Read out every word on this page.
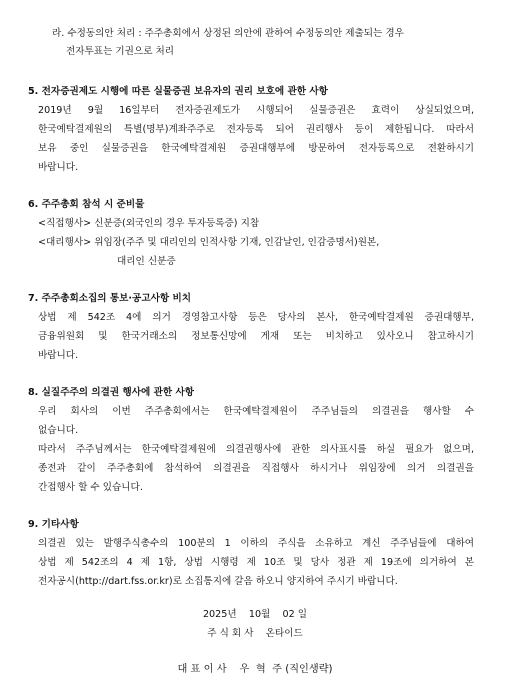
라. 수정동의안 처리 : 주주총회에서 상정된 의안에 관하여 수정동의안 제출되는 경우
전자투표는 기권으로 처리
5. 전자증권제도 시행에 따른 실물증권 보유자의 권리 보호에 관한 사항
2019년 9월 16일부터 전자증권제도가 시행되어 실물증권은 효력이 상실되었으며,
한국예탁결제원의 특별(명부)계좌주주로 전자등록 되어 권리행사 등이 제한됩니다. 따라서
보유 중인 실물증권을 한국예탁결제원 증권대행부에 방문하여 전자등록으로 전환하시기
바랍니다.
6. 주주총회 참석 시 준비물
<직접행사> 신분증(외국인의 경우 투자등록증) 지참
<대리행사> 위임장(주주 및 대리인의 인적사항 기재, 인감날인, 인감증명서)원본,
대리인 신분증
7. 주주총회소집의 통보·공고사항 비치
상법 제 542조 4에 의거 경영참고사항 등은 당사의 본사, 한국예탁결제원 증권대행부,
금융위원회 및 한국거래소의 정보통신망에 게재 또는 비치하고 있사오니 참고하시기
바랍니다.
8. 실질주주의 의결권 행사에 관한 사항
우리 회사의 이번 주주총회에서는 한국예탁결제원이 주주님들의 의결권을 행사할 수
없습니다.
따라서 주주님께서는 한국예탁결제원에 의결권행사에 관한 의사표시를 하실 필요가 없으며,
종전과 같이 주주총회에 참석하여 의결권을 직접행사 하시거나 위임장에 의거 의결권을
간접행사 할 수 있습니다.
9. 기타사항
의결권 있는 발행주식총수의 100분의 1 이하의 주식을 소유하고 계신 주주님들에 대하여
상법 제 542조의 4 제 1항, 상법 시행령 제 10조 및 당사 정관 제 19조에 의거하여 본
전자공시(http://dart.fss.or.kr)로 소집통지에 갈음 하오니 양지하여 주시기 바랍니다.
2025년    10월    02 일
주 식 회 사    온타이드
대 표 이 사    우  혁  주 (직인생략)
